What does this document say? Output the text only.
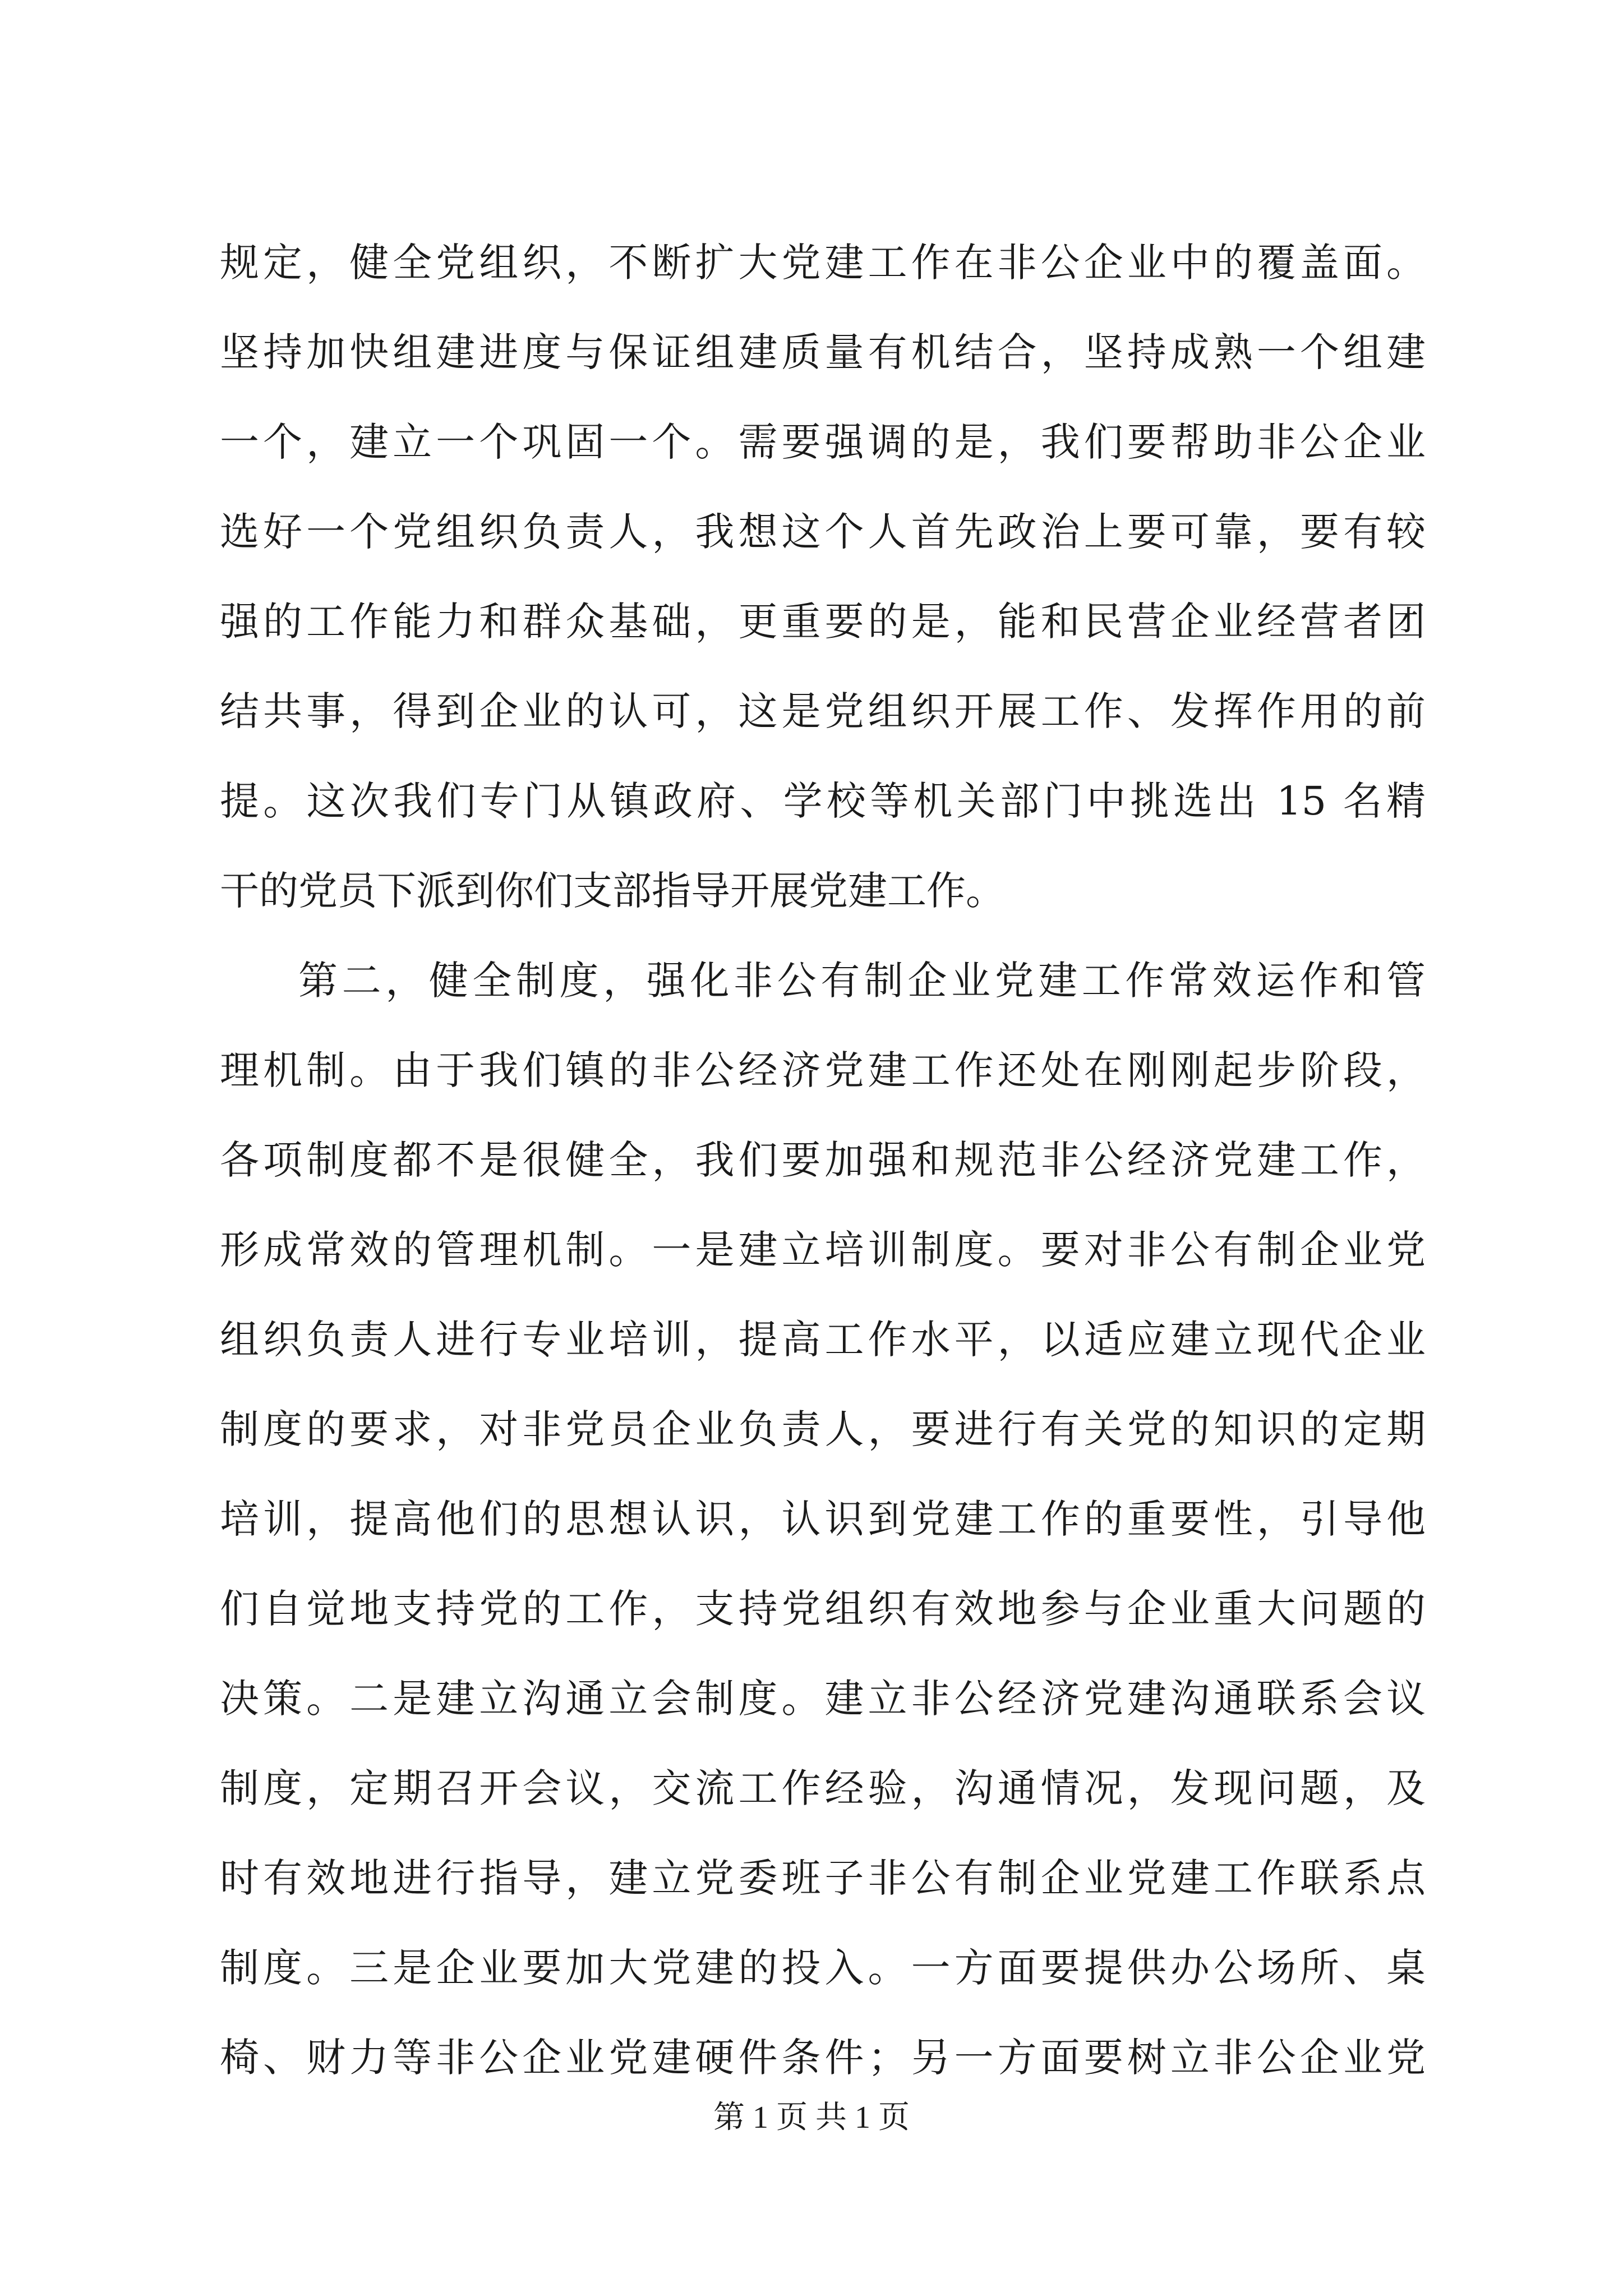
规定，健全党组织，不断扩大党建工作在非公企业中的覆盖面。
坚持加快组建进度与保证组建质量有机结合，坚持成熟一个组建
一个，建立一个巩固一个。需要强调的是，我们要帮助非公企业
选好一个党组织负责人，我想这个人首先政治上要可靠，要有较
强的工作能力和群众基础，更重要的是，能和民营企业经营者团
结共事，得到企业的认可，这是党组织开展工作、发挥作用的前
提。这次我们专门从镇政府、学校等机关部门中挑选出 15 名精
干的党员下派到你们支部指导开展党建工作。
第二，健全制度，强化非公有制企业党建工作常效运作和管
理机制。由于我们镇的非公经济党建工作还处在刚刚起步阶段，
各项制度都不是很健全，我们要加强和规范非公经济党建工作，
形成常效的管理机制。一是建立培训制度。要对非公有制企业党
组织负责人进行专业培训，提高工作水平，以适应建立现代企业
制度的要求，对非党员企业负责人，要进行有关党的知识的定期
培训，提高他们的思想认识，认识到党建工作的重要性，引导他
们自觉地支持党的工作，支持党组织有效地参与企业重大问题的
决策。二是建立沟通立会制度。建立非公经济党建沟通联系会议
制度，定期召开会议，交流工作经验，沟通情况，发现问题，及
时有效地进行指导，建立党委班子非公有制企业党建工作联系点
制度。三是企业要加大党建的投入。一方面要提供办公场所、桌
椅、财力等非公企业党建硬件条件；另一方面要树立非公企业党
第 1 页 共 1 页
